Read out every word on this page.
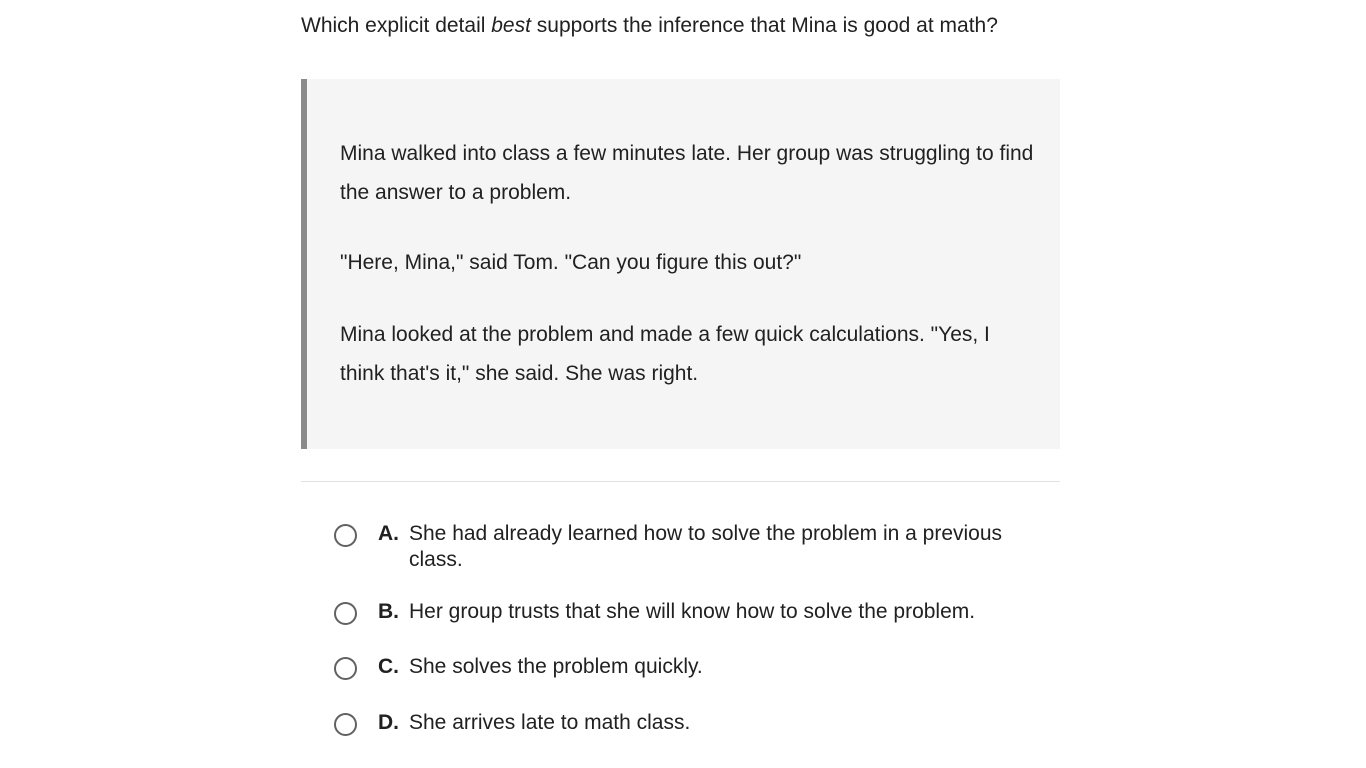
Which explicit detail best supports the inference that Mina is good at math?

Mina walked into class a few minutes late. Her group was struggling to find the answer to a problem.

"Here, Mina," said Tom. "Can you figure this out?"

Mina looked at the problem and made a few quick calculations. "Yes, I think that's it," she said. She was right.

A. She had already learned how to solve the problem in a previous class.
B. Her group trusts that she will know how to solve the problem.
C. She solves the problem quickly.
D. She arrives late to math class.
